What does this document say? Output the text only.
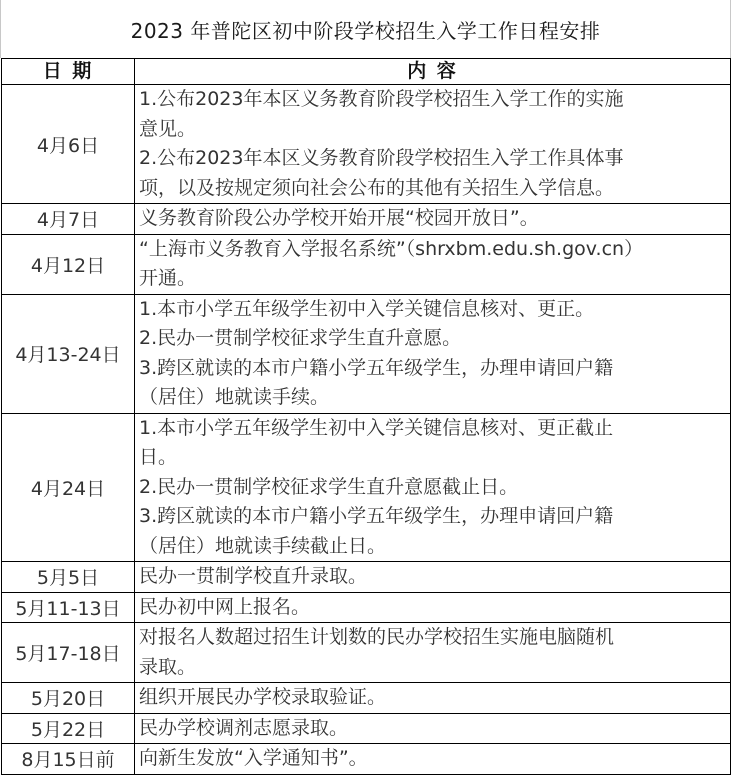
2023 年普陀区初中阶段学校招生入学工作日程安排
日 期	内 容
4月6日	1.公布2023年本区义务教育阶段学校招生入学工作的实施
意见。
2.公布2023年本区义务教育阶段学校招生入学工作具体事
项，以及按规定须向社会公布的其他有关招生入学信息。

4月7日	义务教育阶段公办学校开始开展“校园开放日”。

4月12日	“上海市义务教育入学报名系统”（shrxbm.edu.sh.gov.cn）
开通。

4月13-24日	1.本市小学五年级学生初中入学关键信息核对、更正。
2.民办一贯制学校征求学生直升意愿。
3.跨区就读的本市户籍小学五年级学生，办理申请回户籍
（居住）地就读手续。

4月24日	1.本市小学五年级学生初中入学关键信息核对、更正截止
日。
2.民办一贯制学校征求学生直升意愿截止日。
3.跨区就读的本市户籍小学五年级学生，办理申请回户籍
（居住）地就读手续截止日。

5月5日	民办一贯制学校直升录取。

5月11-13日	民办初中网上报名。

5月17-18日	对报名人数超过招生计划数的民办学校招生实施电脑随机
录取。

5月20日	组织开展民办学校录取验证。

5月22日	民办学校调剂志愿录取。

8月15日前	向新生发放“入学通知书”。
